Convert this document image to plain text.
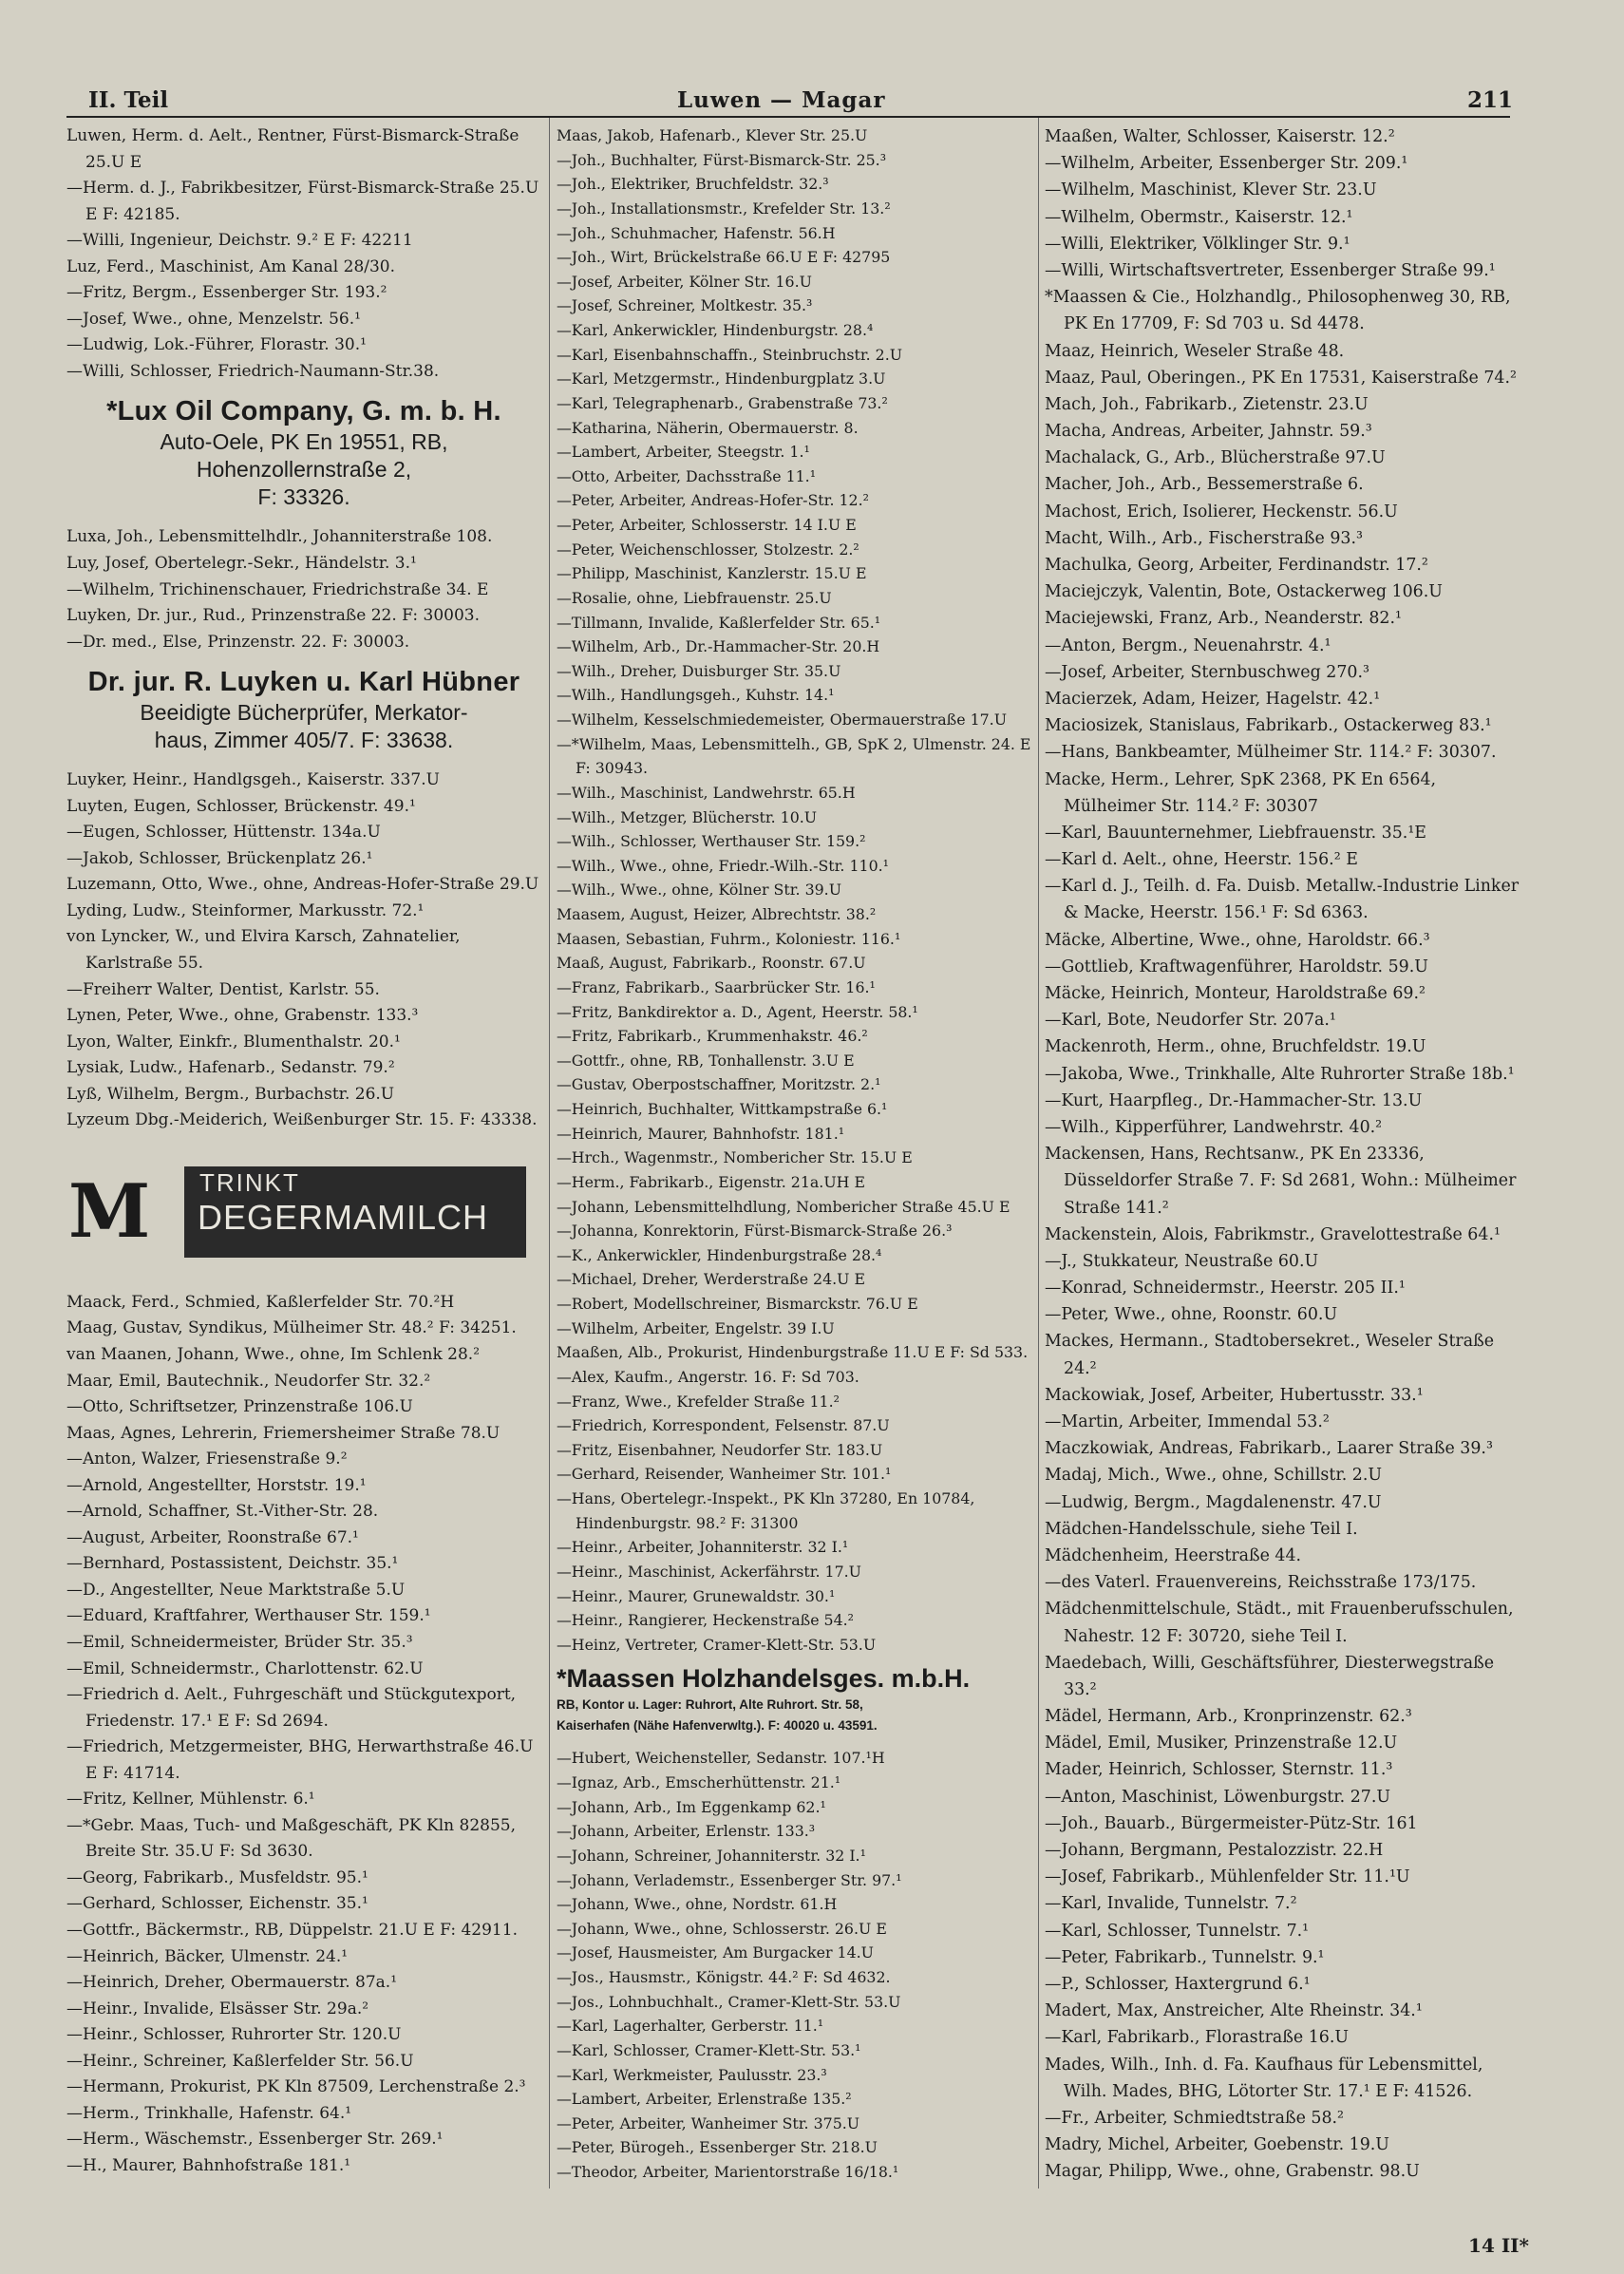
II. Teil	Luwen — Magar	211

Luwen, Herm. d. Aelt., Rentner, Fürst-Bismarck-Straße 25.U E

—Herm. d. J., Fabrikbesitzer, Fürst-Bismarck-Straße 25.U E F: 42185.

—Willi, Ingenieur, Deichstr. 9.² E F: 42211

Luz, Ferd., Maschinist, Am Kanal 28/30.

—Fritz, Bergm., Essenberger Str. 193.²

—Josef, Wwe., ohne, Menzelstr. 56.¹

—Ludwig, Lok.-Führer, Florastr. 30.¹

—Willi, Schlosser, Friedrich-Naumann-Str.38.

*Lux Oil Company, G. m. b. H.
Auto-Oele, PK En 19551, RB,
Hohenzollernstraße 2,
F: 33326.

Luxa, Joh., Lebensmittelhdlr., Johanniterstraße 108.

Luy, Josef, Obertelegr.-Sekr., Händelstr. 3.¹

—Wilhelm, Trichinenschauer, Friedrichstraße 34. E

Luyken, Dr. jur., Rud., Prinzenstraße 22. F: 30003.

—Dr. med., Else, Prinzenstr. 22. F: 30003.

Dr. jur. R. Luyken u. Karl Hübner
Beeidigte Bücherprüfer, Merkator-
haus, Zimmer 405/7. F: 33638.

Luyker, Heinr., Handlgsgeh., Kaiserstr. 337.U

Luyten, Eugen, Schlosser, Brückenstr. 49.¹

—Eugen, Schlosser, Hüttenstr. 134a.U

—Jakob, Schlosser, Brückenplatz 26.¹

Luzemann, Otto, Wwe., ohne, Andreas-Hofer-Straße 29.U

Lyding, Ludw., Steinformer, Markusstr. 72.¹

von Lyncker, W., und Elvira Karsch, Zahnatelier, Karlstraße 55.

—Freiherr Walter, Dentist, Karlstr. 55.

Lynen, Peter, Wwe., ohne, Grabenstr. 133.³

Lyon, Walter, Einkfr., Blumenthalstr. 20.¹

Lysiak, Ludw., Hafenarb., Sedanstr. 79.²

Lyß, Wilhelm, Bergm., Burbachstr. 26.U

Lyzeum Dbg.-Meiderich, Weißenburger Str. 15. F: 43338.

M TRINKT
DEGERMAMILCH

Maack, Ferd., Schmied, Kaßlerfelder Str. 70.²H

Maag, Gustav, Syndikus, Mülheimer Str. 48.² F: 34251.

van Maanen, Johann, Wwe., ohne, Im Schlenk 28.²

Maar, Emil, Bautechnik., Neudorfer Str. 32.²

—Otto, Schriftsetzer, Prinzenstraße 106.U

Maas, Agnes, Lehrerin, Friemersheimer Straße 78.U

—Anton, Walzer, Friesenstraße 9.²

—Arnold, Angestellter, Horststr. 19.¹

—Arnold, Schaffner, St.-Vither-Str. 28.

—August, Arbeiter, Roonstraße 67.¹

—Bernhard, Postassistent, Deichstr. 35.¹

—D., Angestellter, Neue Marktstraße 5.U

—Eduard, Kraftfahrer, Werthauser Str. 159.¹

—Emil, Schneidermeister, Brüder Str. 35.³

—Emil, Schneidermstr., Charlottenstr. 62.U

—Friedrich d. Aelt., Fuhrgeschäft und Stückgutexport, Friedenstr. 17.¹ E F: Sd 2694.

—Friedrich, Metzgermeister, BHG, Herwarthstraße 46.U E F: 41714.

—Fritz, Kellner, Mühlenstr. 6.¹

—*Gebr. Maas, Tuch- und Maßgeschäft, PK Kln 82855, Breite Str. 35.U F: Sd 3630.

—Georg, Fabrikarb., Musfeldstr. 95.¹

—Gerhard, Schlosser, Eichenstr. 35.¹

—Gottfr., Bäckermstr., RB, Düppelstr. 21.U E F: 42911.

—Heinrich, Bäcker, Ulmenstr. 24.¹

—Heinrich, Dreher, Obermauerstr. 87a.¹

—Heinr., Invalide, Elsässer Str. 29a.²

—Heinr., Schlosser, Ruhrorter Str. 120.U

—Heinr., Schreiner, Kaßlerfelder Str. 56.U

—Hermann, Prokurist, PK Kln 87509, Lerchenstraße 2.³

—Herm., Trinkhalle, Hafenstr. 64.¹

—Herm., Wäschemstr., Essenberger Str. 269.¹

—H., Maurer, Bahnhofstraße 181.¹

Maas, Jakob, Hafenarb., Klever Str. 25.U

—Joh., Buchhalter, Fürst-Bismarck-Str. 25.³

—Joh., Elektriker, Bruchfeldstr. 32.³

—Joh., Installationsmstr., Krefelder Str. 13.²

—Joh., Schuhmacher, Hafenstr. 56.H

—Joh., Wirt, Brückelstraße 66.U E F: 42795

—Josef, Arbeiter, Kölner Str. 16.U

—Josef, Schreiner, Moltkestr. 35.³

—Karl, Ankerwickler, Hindenburgstr. 28.⁴

—Karl, Eisenbahnschaffn., Steinbruchstr. 2.U

—Karl, Metzgermstr., Hindenburgplatz 3.U

—Karl, Telegraphenarb., Grabenstraße 73.²

—Katharina, Näherin, Obermauerstr. 8.

—Lambert, Arbeiter, Steegstr. 1.¹

—Otto, Arbeiter, Dachsstraße 11.¹

—Peter, Arbeiter, Andreas-Hofer-Str. 12.²

—Peter, Arbeiter, Schlosserstr. 14 I.U E

—Peter, Weichenschlosser, Stolzestr. 2.²

—Philipp, Maschinist, Kanzlerstr. 15.U E

—Rosalie, ohne, Liebfrauenstr. 25.U

—Tillmann, Invalide, Kaßlerfelder Str. 65.¹

—Wilhelm, Arb., Dr.-Hammacher-Str. 20.H

—Wilh., Dreher, Duisburger Str. 35.U

—Wilh., Handlungsgeh., Kuhstr. 14.¹

—Wilhelm, Kesselschmiedemeister, Obermauerstraße 17.U

—*Wilhelm, Maas, Lebensmittelh., GB, SpK 2, Ulmenstr. 24. E F: 30943.

—Wilh., Maschinist, Landwehrstr. 65.H

—Wilh., Metzger, Blücherstr. 10.U

—Wilh., Schlosser, Werthauser Str. 159.²

—Wilh., Wwe., ohne, Friedr.-Wilh.-Str. 110.¹

—Wilh., Wwe., ohne, Kölner Str. 39.U

Maasem, August, Heizer, Albrechtstr. 38.²

Maasen, Sebastian, Fuhrm., Koloniestr. 116.¹

Maaß, August, Fabrikarb., Roonstr. 67.U

—Franz, Fabrikarb., Saarbrücker Str. 16.¹

—Fritz, Bankdirektor a. D., Agent, Heerstr. 58.¹

—Fritz, Fabrikarb., Krummenhakstr. 46.²

—Gottfr., ohne, RB, Tonhallenstr. 3.U E

—Gustav, Oberpostschaffner, Moritzstr. 2.¹

—Heinrich, Buchhalter, Wittkampstraße 6.¹

—Heinrich, Maurer, Bahnhofstr. 181.¹

—Hrch., Wagenmstr., Nombericher Str. 15.U E

—Herm., Fabrikarb., Eigenstr. 21a.UH E

—Johann, Lebensmittelhdlung, Nombericher Straße 45.U E

—Johanna, Konrektorin, Fürst-Bismarck-Straße 26.³

—K., Ankerwickler, Hindenburgstraße 28.⁴

—Michael, Dreher, Werderstraße 24.U E

—Robert, Modellschreiner, Bismarckstr. 76.U E

—Wilhelm, Arbeiter, Engelstr. 39 I.U

Maaßen, Alb., Prokurist, Hindenburgstraße 11.U E F: Sd 533.

—Alex, Kaufm., Angerstr. 16. F: Sd 703.

—Franz, Wwe., Krefelder Straße 11.²

—Friedrich, Korrespondent, Felsenstr. 87.U

—Fritz, Eisenbahner, Neudorfer Str. 183.U

—Gerhard, Reisender, Wanheimer Str. 101.¹

—Hans, Obertelegr.-Inspekt., PK Kln 37280, En 10784, Hindenburgstr. 98.² F: 31300

—Heinr., Arbeiter, Johanniterstr. 32 I.¹

—Heinr., Maschinist, Ackerfährstr. 17.U

—Heinr., Maurer, Grunewaldstr. 30.¹

—Heinr., Rangierer, Heckenstraße 54.²

—Heinz, Vertreter, Cramer-Klett-Str. 53.U

*Maassen Holzhandelsges. m.b.H.
RB, Kontor u. Lager: Ruhrort, Alte Ruhrort. Str. 58,
Kaiserhafen (Nähe Hafenverwltg.). F: 40020 u. 43591.

—Hubert, Weichensteller, Sedanstr. 107.¹H

—Ignaz, Arb., Emscherhüttenstr. 21.¹

—Johann, Arb., Im Eggenkamp 62.¹

—Johann, Arbeiter, Erlenstr. 133.³

—Johann, Schreiner, Johanniterstr. 32 I.¹

—Johann, Verlademstr., Essenberger Str. 97.¹

—Johann, Wwe., ohne, Nordstr. 61.H

—Johann, Wwe., ohne, Schlosserstr. 26.U E

—Josef, Hausmeister, Am Burgacker 14.U

—Jos., Hausmstr., Königstr. 44.² F: Sd 4632.

—Jos., Lohnbuchhalt., Cramer-Klett-Str. 53.U

—Karl, Lagerhalter, Gerberstr. 11.¹

—Karl, Schlosser, Cramer-Klett-Str. 53.¹

—Karl, Werkmeister, Paulusstr. 23.³

—Lambert, Arbeiter, Erlenstraße 135.²

—Peter, Arbeiter, Wanheimer Str. 375.U

—Peter, Bürogeh., Essenberger Str. 218.U

—Theodor, Arbeiter, Marientorstraße 16/18.¹

Maaßen, Walter, Schlosser, Kaiserstr. 12.²

—Wilhelm, Arbeiter, Essenberger Str. 209.¹

—Wilhelm, Maschinist, Klever Str. 23.U

—Wilhelm, Obermstr., Kaiserstr. 12.¹

—Willi, Elektriker, Völklinger Str. 9.¹

—Willi, Wirtschaftsvertreter, Essenberger Straße 99.¹

*Maassen & Cie., Holzhandlg., Philosophenweg 30, RB, PK En 17709, F: Sd 703 u. Sd 4478.

Maaz, Heinrich, Weseler Straße 48.

Maaz, Paul, Oberingen., PK En 17531, Kaiserstraße 74.²

Mach, Joh., Fabrikarb., Zietenstr. 23.U

Macha, Andreas, Arbeiter, Jahnstr. 59.³

Machalack, G., Arb., Blücherstraße 97.U

Macher, Joh., Arb., Bessemerstraße 6.

Machost, Erich, Isolierer, Heckenstr. 56.U

Macht, Wilh., Arb., Fischerstraße 93.³

Machulka, Georg, Arbeiter, Ferdinandstr. 17.²

Maciejczyk, Valentin, Bote, Ostackerweg 106.U

Maciejewski, Franz, Arb., Neanderstr. 82.¹

—Anton, Bergm., Neuenahrstr. 4.¹

—Josef, Arbeiter, Sternbuschweg 270.³

Macierzek, Adam, Heizer, Hagelstr. 42.¹

Maciosizek, Stanislaus, Fabrikarb., Ostackerweg 83.¹

—Hans, Bankbeamter, Mülheimer Str. 114.² F: 30307.

Macke, Herm., Lehrer, SpK 2368, PK En 6564, Mülheimer Str. 114.² F: 30307

—Karl, Bauunternehmer, Liebfrauenstr. 35.¹E

—Karl d. Aelt., ohne, Heerstr. 156.² E

—Karl d. J., Teilh. d. Fa. Duisb. Metallw.-Industrie Linker & Macke, Heerstr. 156.¹ F: Sd 6363.

Mäcke, Albertine, Wwe., ohne, Haroldstr. 66.³

—Gottlieb, Kraftwagenführer, Haroldstr. 59.U

Mäcke, Heinrich, Monteur, Haroldstraße 69.²

—Karl, Bote, Neudorfer Str. 207a.¹

Mackenroth, Herm., ohne, Bruchfeldstr. 19.U

—Jakoba, Wwe., Trinkhalle, Alte Ruhrorter Straße 18b.¹

—Kurt, Haarpfleg., Dr.-Hammacher-Str. 13.U

—Wilh., Kipperführer, Landwehrstr. 40.²

Mackensen, Hans, Rechtsanw., PK En 23336, Düsseldorfer Straße 7. F: Sd 2681, Wohn.: Mülheimer Straße 141.²

Mackenstein, Alois, Fabrikmstr., Gravelottestraße 64.¹

—J., Stukkateur, Neustraße 60.U

—Konrad, Schneidermstr., Heerstr. 205 II.¹

—Peter, Wwe., ohne, Roonstr. 60.U

Mackes, Hermann., Stadtobersekret., Weseler Straße 24.²

Mackowiak, Josef, Arbeiter, Hubertusstr. 33.¹

—Martin, Arbeiter, Immendal 53.²

Maczkowiak, Andreas, Fabrikarb., Laarer Straße 39.³

Madaj, Mich., Wwe., ohne, Schillstr. 2.U

—Ludwig, Bergm., Magdalenenstr. 47.U

Mädchen-Handelsschule, siehe Teil I.

Mädchenheim, Heerstraße 44.

—des Vaterl. Frauenvereins, Reichsstraße 173/175.

Mädchenmittelschule, Städt., mit Frauenberufsschulen, Nahestr. 12 F: 30720, siehe Teil I.

Maedebach, Willi, Geschäftsführer, Diesterwegstraße 33.²

Mädel, Hermann, Arb., Kronprinzenstr. 62.³

Mädel, Emil, Musiker, Prinzenstraße 12.U

Mader, Heinrich, Schlosser, Sternstr. 11.³

—Anton, Maschinist, Löwenburgstr. 27.U

—Joh., Bauarb., Bürgermeister-Pütz-Str. 161

—Johann, Bergmann, Pestalozzistr. 22.H

—Josef, Fabrikarb., Mühlenfelder Str. 11.¹U

—Karl, Invalide, Tunnelstr. 7.²

—Karl, Schlosser, Tunnelstr. 7.¹

—Peter, Fabrikarb., Tunnelstr. 9.¹

—P., Schlosser, Haxtergrund 6.¹

Madert, Max, Anstreicher, Alte Rheinstr. 34.¹

—Karl, Fabrikarb., Florastraße 16.U

Mades, Wilh., Inh. d. Fa. Kaufhaus für Lebensmittel, Wilh. Mades, BHG, Lötorter Str. 17.¹ E F: 41526.

—Fr., Arbeiter, Schmiedtstraße 58.²

Madry, Michel, Arbeiter, Goebenstr. 19.U

Magar, Philipp, Wwe., ohne, Grabenstr. 98.U

14 II*
